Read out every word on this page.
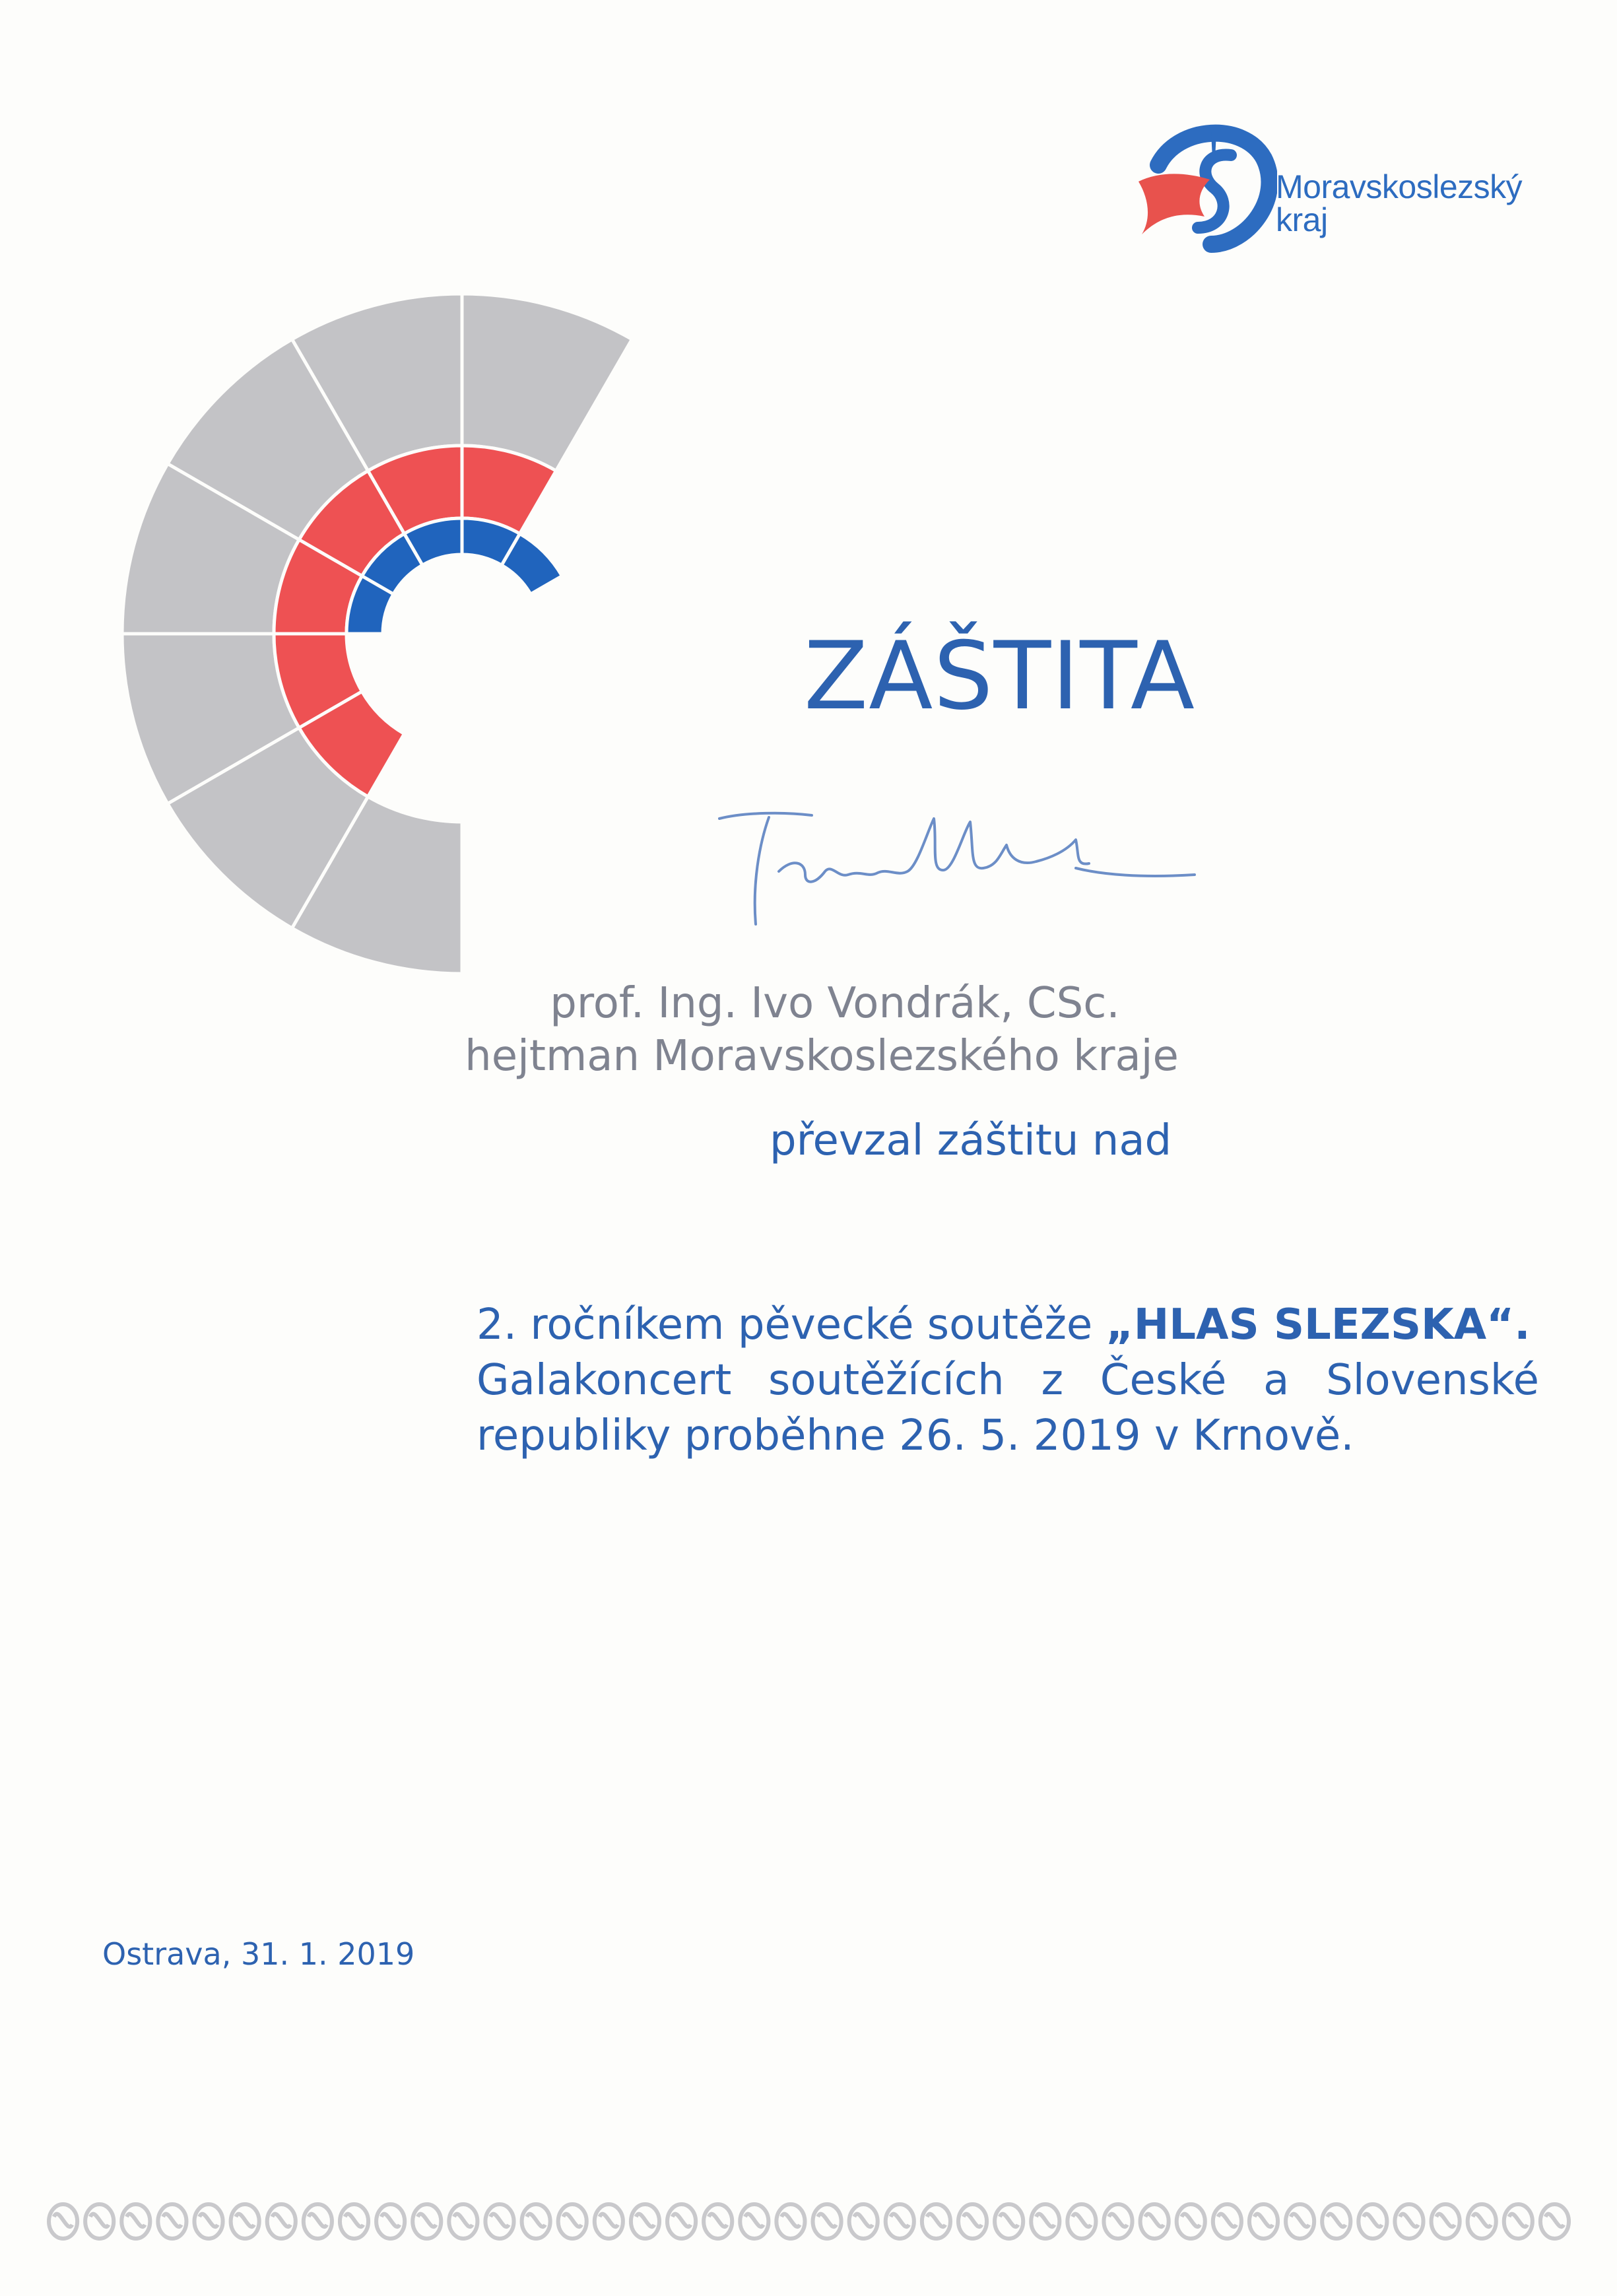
Moravskoslezský
kraj
ZÁŠTITA
prof. Ing. Ivo Vondrák, CSc.
hejtman Moravskoslezského kraje
převzal záštitu nad
2. ročníkem pěvecké soutěže „HLAS SLEZSKA“.
Galakoncert soutěžících z České a Slovenské
republiky proběhne 26. 5. 2019 v Krnově.
Ostrava, 31. 1. 2019
